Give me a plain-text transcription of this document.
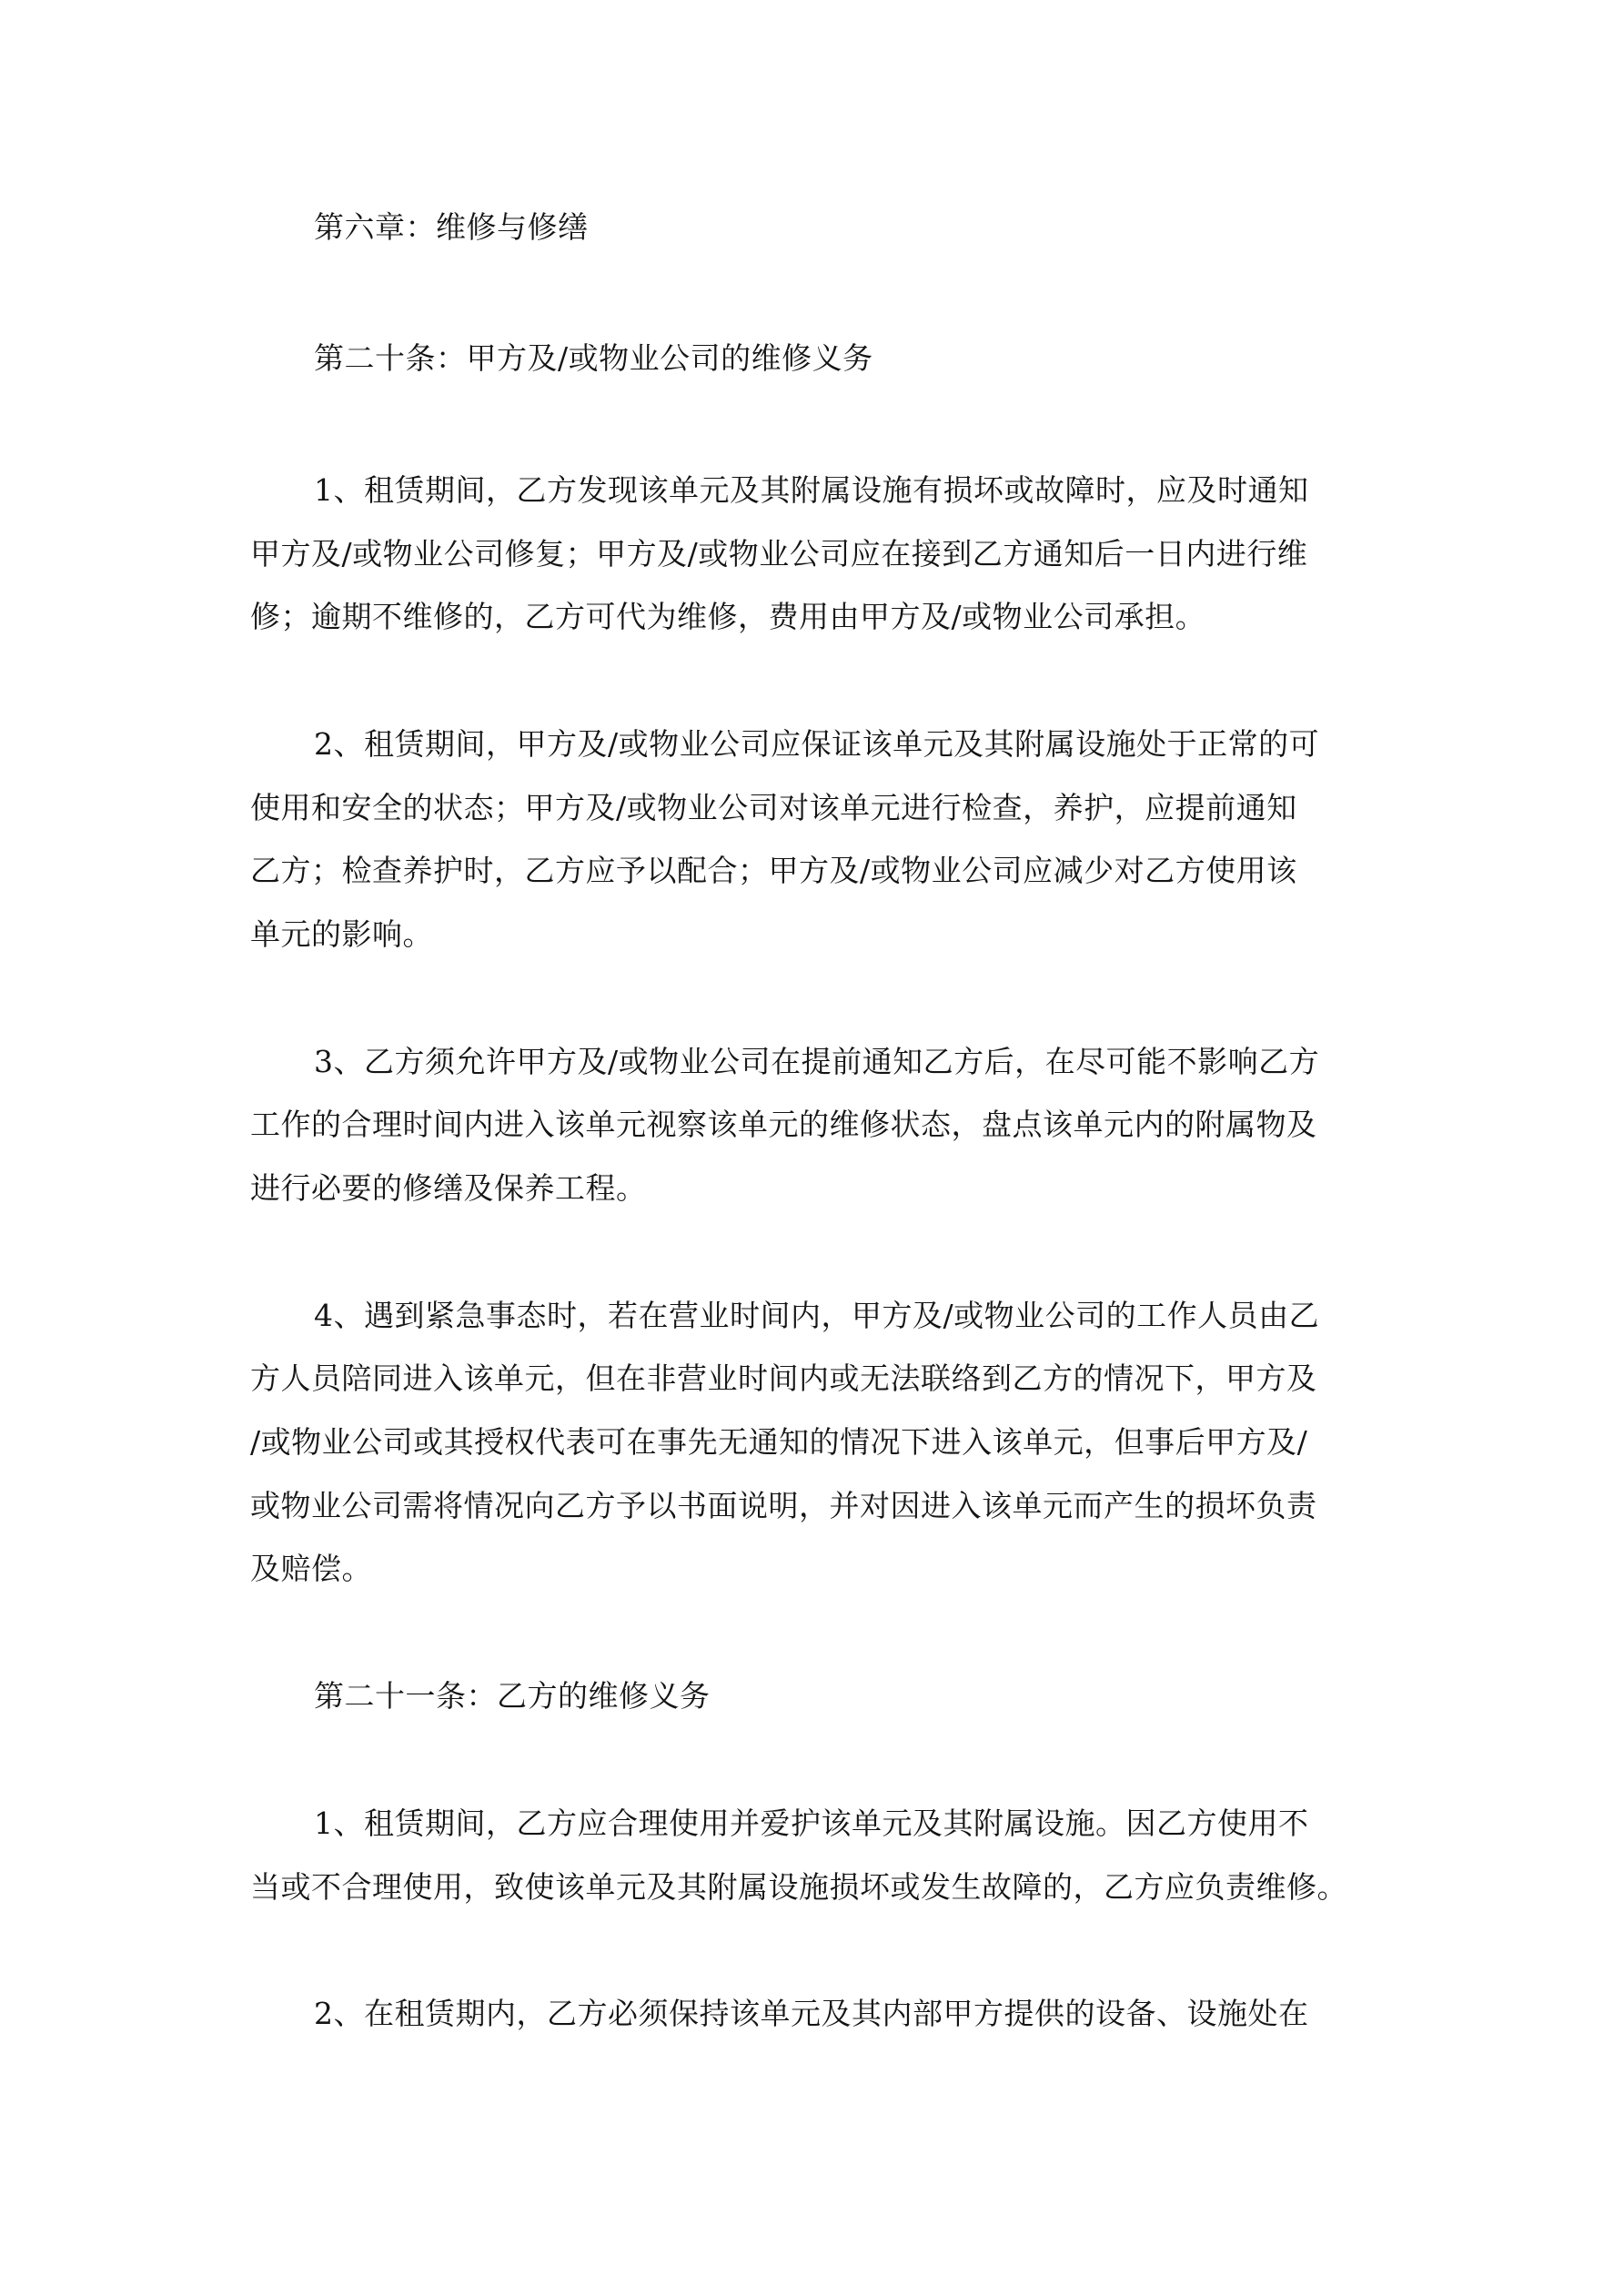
第六章：维修与修缮

第二十条：甲方及/或物业公司的维修义务

1、租赁期间，乙方发现该单元及其附属设施有损坏或故障时，应及时通知

甲方及/或物业公司修复；甲方及/或物业公司应在接到乙方通知后一日内进行维

修；逾期不维修的，乙方可代为维修，费用由甲方及/或物业公司承担。

2、租赁期间，甲方及/或物业公司应保证该单元及其附属设施处于正常的可

使用和安全的状态；甲方及/或物业公司对该单元进行检查，养护，应提前通知

乙方；检查养护时，乙方应予以配合；甲方及/或物业公司应减少对乙方使用该

单元的影响。

3、乙方须允许甲方及/或物业公司在提前通知乙方后，在尽可能不影响乙方

工作的合理时间内进入该单元视察该单元的维修状态，盘点该单元内的附属物及

进行必要的修缮及保养工程。

4、遇到紧急事态时，若在营业时间内，甲方及/或物业公司的工作人员由乙

方人员陪同进入该单元，但在非营业时间内或无法联络到乙方的情况下，甲方及

/或物业公司或其授权代表可在事先无通知的情况下进入该单元，但事后甲方及/

或物业公司需将情况向乙方予以书面说明，并对因进入该单元而产生的损坏负责

及赔偿。

第二十一条：乙方的维修义务

1、租赁期间，乙方应合理使用并爱护该单元及其附属设施。因乙方使用不

当或不合理使用，致使该单元及其附属设施损坏或发生故障的，乙方应负责维修。

2、在租赁期内，乙方必须保持该单元及其内部甲方提供的设备、设施处在
